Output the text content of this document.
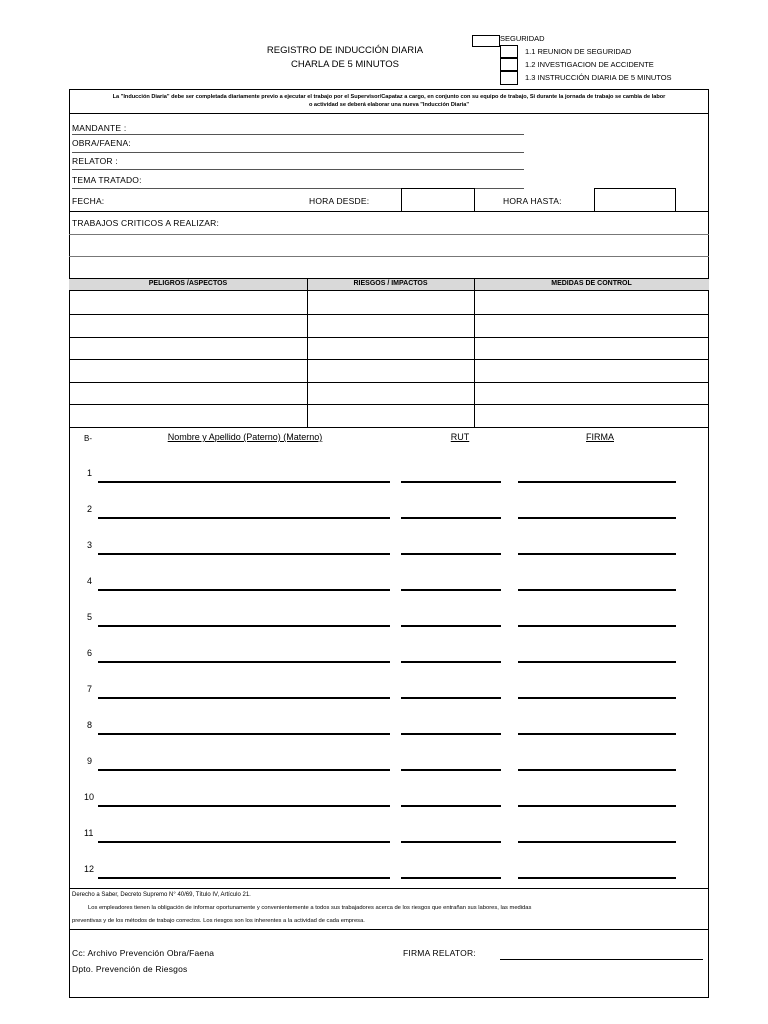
REGISTRO DE INDUCCIÓN DIARIA
CHARLA DE 5 MINUTOS
SEGURIDAD
1.1 REUNION DE SEGURIDAD
1.2 INVESTIGACION DE ACCIDENTE
1.3 INSTRUCCIÓN DIARIA DE 5 MINUTOS
La "Inducción Diaria" debe ser completada diariamente previo a ejecutar el trabajo por el Supervisor/Capataz a cargo, en conjunto con su equipo de trabajo, Si durante la jornada de trabajo se cambia de labor
o actividad se deberá elaborar una nueva "Inducción Diaria"
MANDANTE :
OBRA/FAENA:
RELATOR :
TEMA TRATADO:
FECHA:	HORA DESDE:	HORA HASTA:
TRABAJOS CRITICOS A REALIZAR:
PELIGROS /ASPECTOS	RIESGOS / IMPACTOS	MEDIDAS DE CONTROL
B-	Nombre y Apellido (Paterno) (Materno)	RUT	FIRMA
1
2
3
4
5
6
7
8
9
10
11
12
Derecho a Saber, Decreto Supremo N° 40/69, Título IV, Artículo 21.
Los empleadores tienen la obligación de informar oportunamente y convenientemente a todos sus trabajadores acerca de los riesgos que entrañan sus labores, las medidas
preventivas y de los métodos de trabajo correctos. Los riesgos son los inherentes a la actividad de cada empresa.
Cc: Archivo Prevención Obra/Faena
Dpto. Prevención de Riesgos
FIRMA RELATOR:
